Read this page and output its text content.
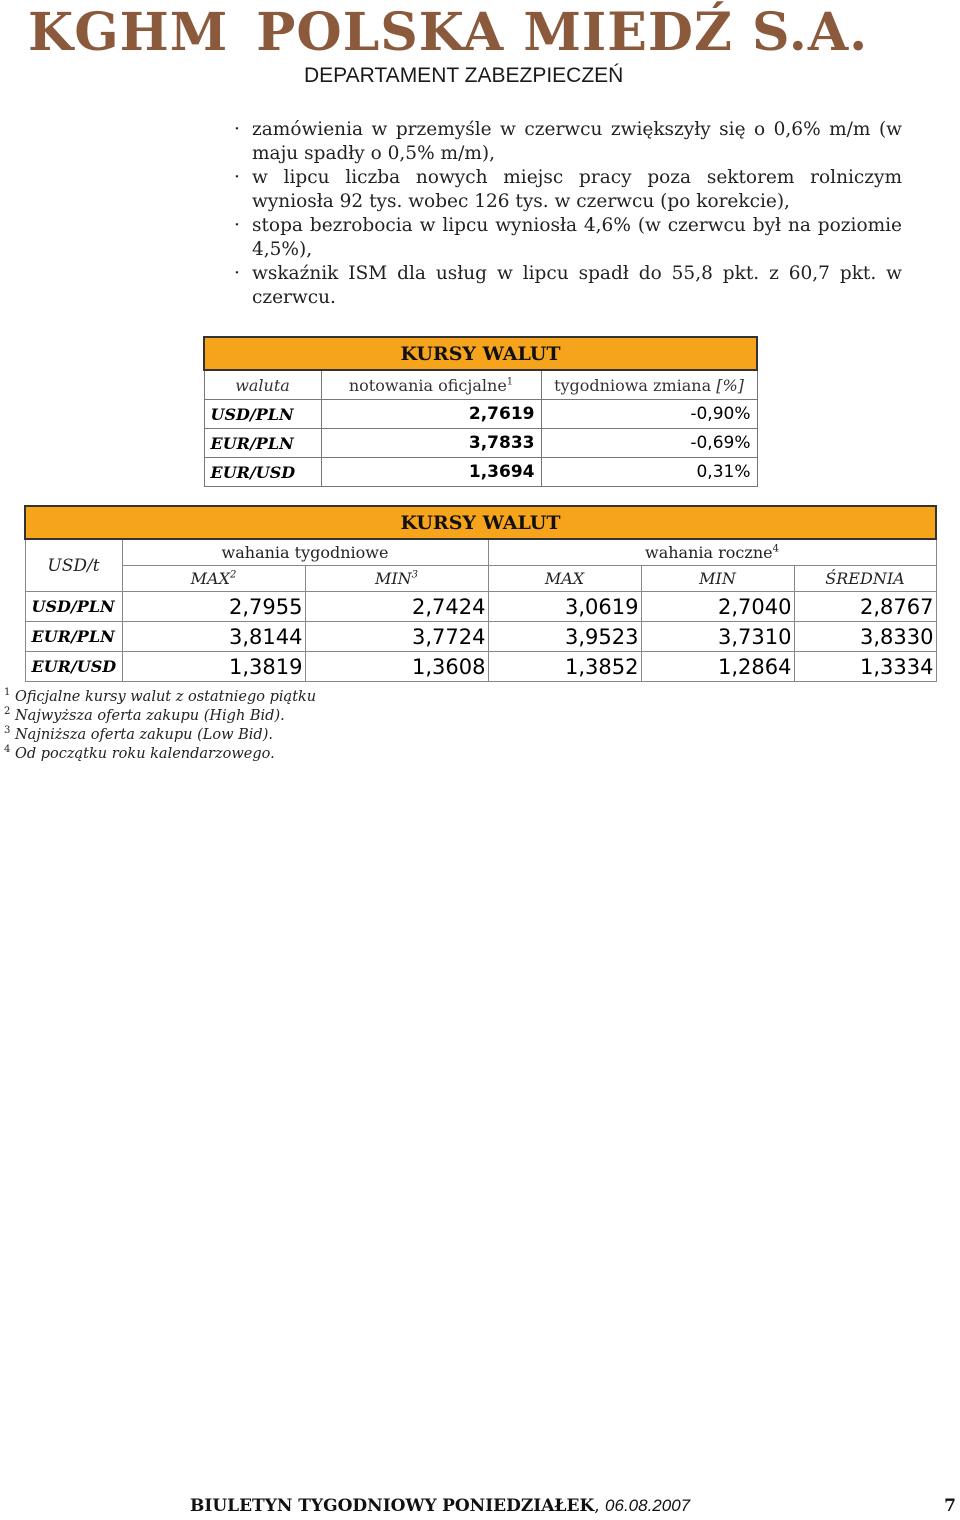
KGHM POLSKA MIEDŹ S.A.
DEPARTAMENT ZABEZPIECZEŃ
· zamówienia w przemyśle w czerwcu zwiększyły się o 0,6% m/m (w maju spadły o 0,5% m/m),
· w lipcu liczba nowych miejsc pracy poza sektorem rolniczym wyniosła 92 tys. wobec 126 tys. w czerwcu (po korekcie),
· stopa bezrobocia w lipcu wyniosła 4,6% (w czerwcu był na poziomie 4,5%),
· wskaźnik ISM dla usług w lipcu spadł do 55,8 pkt. z 60,7 pkt. w czerwcu.
KURSY WALUT		
waluta	notowania oficjalne$^1$	tygodniowa zmiana [%]
USD/PLN	2,7619	-0,90%
EUR/PLN	3,7833	-0,69%
EUR/USD	1,3694	0,31%
KURSY WALUT					
USD/t	wahania tygodniowe		wahania roczne$^4$
	MAX$^2$	MIN$^3$	MAX	MIN	ŚREDNIA
USD/PLN	2,7955	2,7424	3,0619	2,7040	2,8767
EUR/PLN	3,8144	3,7724	3,9523	3,7310	3,8330
EUR/USD	1,3819	1,3608	1,3852	1,2864	1,3334
$^1$ Oficjalne kursy walut z ostatniego piątku
$^2$ Najwyższa oferta zakupu (High Bid).
$^3$ Najniższa oferta zakupu (Low Bid).
$^4$ Od początku roku kalendarzowego.
BIULETYN TYGODNIOWY PONIEDZIAŁEK, 06.08.2007	7
